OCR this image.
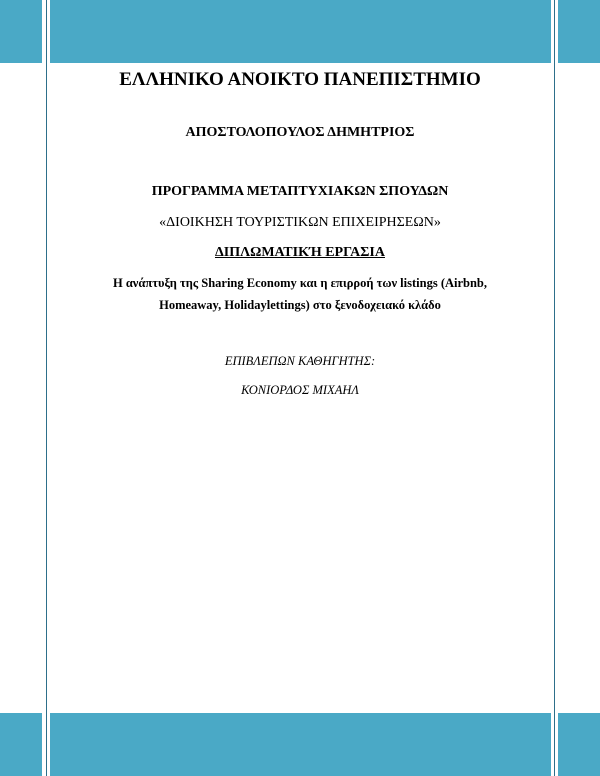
ΕΛΛΗΝΙΚΟ ΑΝΟΙΚΤΟ ΠΑΝΕΠΙΣΤΗΜΙΟ
ΑΠΟΣΤΟΛΟΠΟΥΛΟΣ ΔΗΜΗΤΡΙΟΣ
ΠΡΟΓΡΑΜΜΑ ΜΕΤΑΠΤΥΧΙΑΚΩΝ ΣΠΟΥΔΩΝ
«ΔΙΟΙΚΗΣΗ ΤΟΥΡΙΣΤΙΚΩΝ ΕΠΙΧΕΙΡΗΣΕΩΝ»
ΔΙΠΛΩΜΑΤΙΚΉ ΕΡΓΑΣΙΑ
Η ανάπτυξη της Sharing Economy και η επιρροή των listings (Airbnb,
Homeaway, Holidaylettings) στο ξενοδοχειακό κλάδο
ΕΠΙΒΛΕΠΩΝ ΚΑΘΗΓΗΤΗΣ:
ΚΟΝΙΟΡΔΟΣ ΜΙΧΑΗΛ
